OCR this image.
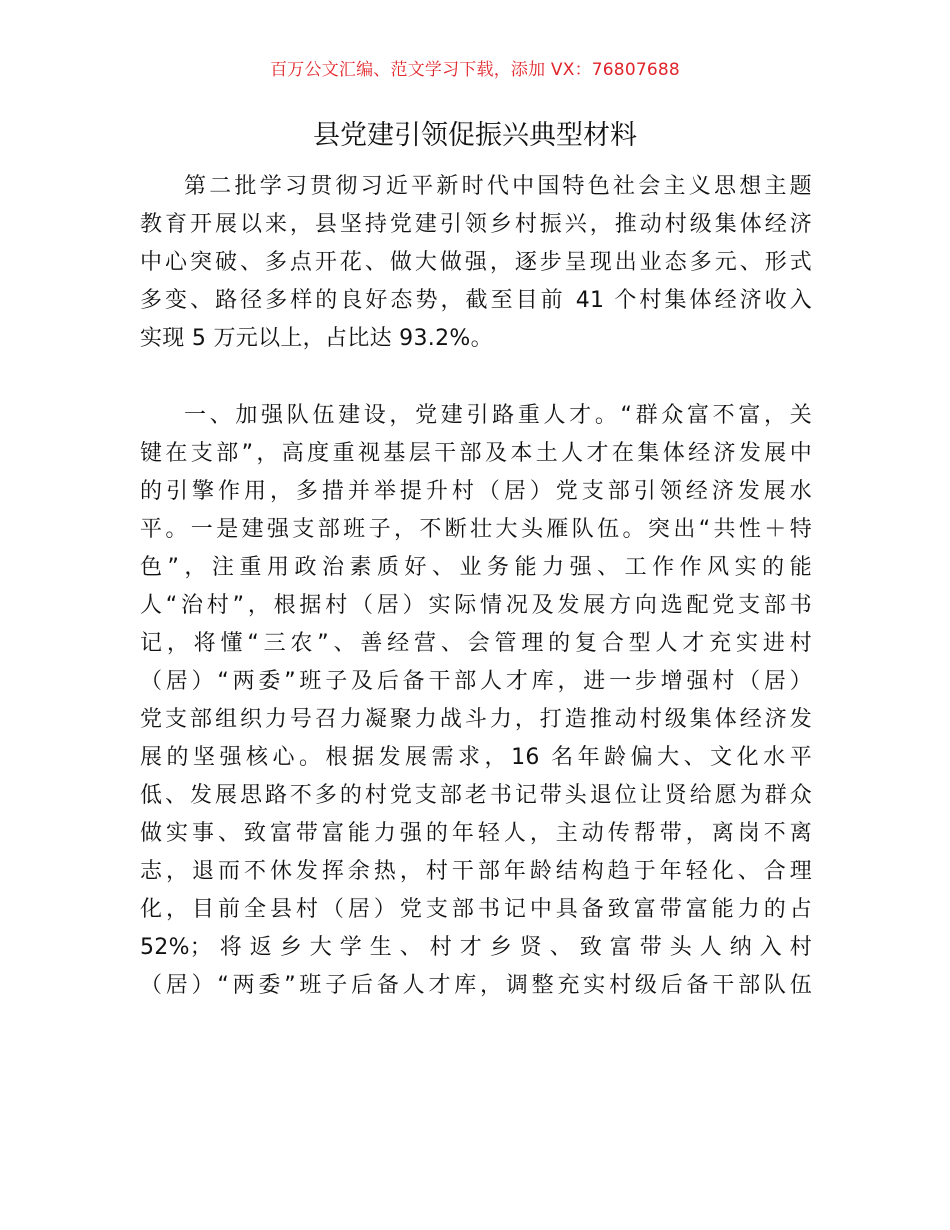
百万公文汇编、范文学习下载，添加 VX：76807688
县党建引领促振兴典型材料
第二批学习贯彻习近平新时代中国特色社会主义思想主题
教育开展以来，县坚持党建引领乡村振兴，推动村级集体经济
中心突破、多点开花、做大做强，逐步呈现出业态多元、形式
多变、路径多样的良好态势，截至目前 41 个村集体经济收入
实现 5 万元以上，占比达 93.2%。
一、加强队伍建设，党建引路重人才。“群众富不富，关
键在支部”，高度重视基层干部及本土人才在集体经济发展中
的引擎作用，多措并举提升村（居）党支部引领经济发展水
平。一是建强支部班子，不断壮大头雁队伍。突出“共性＋特
色”，注重用政治素质好、业务能力强、工作作风实的能
人“治村”，根据村（居）实际情况及发展方向选配党支部书
记，将懂“三农”、善经营、会管理的复合型人才充实进村
（居）“两委”班子及后备干部人才库，进一步增强村（居）
党支部组织力号召力凝聚力战斗力，打造推动村级集体经济发
展的坚强核心。根据发展需求，16 名年龄偏大、文化水平
低、发展思路不多的村党支部老书记带头退位让贤给愿为群众
做实事、致富带富能力强的年轻人，主动传帮带，离岗不离
志，退而不休发挥余热，村干部年龄结构趋于年轻化、合理
化，目前全县村（居）党支部书记中具备致富带富能力的占
52%；将返乡大学生、村才乡贤、致富带头人纳入村
（居）“两委”班子后备人才库，调整充实村级后备干部队伍
